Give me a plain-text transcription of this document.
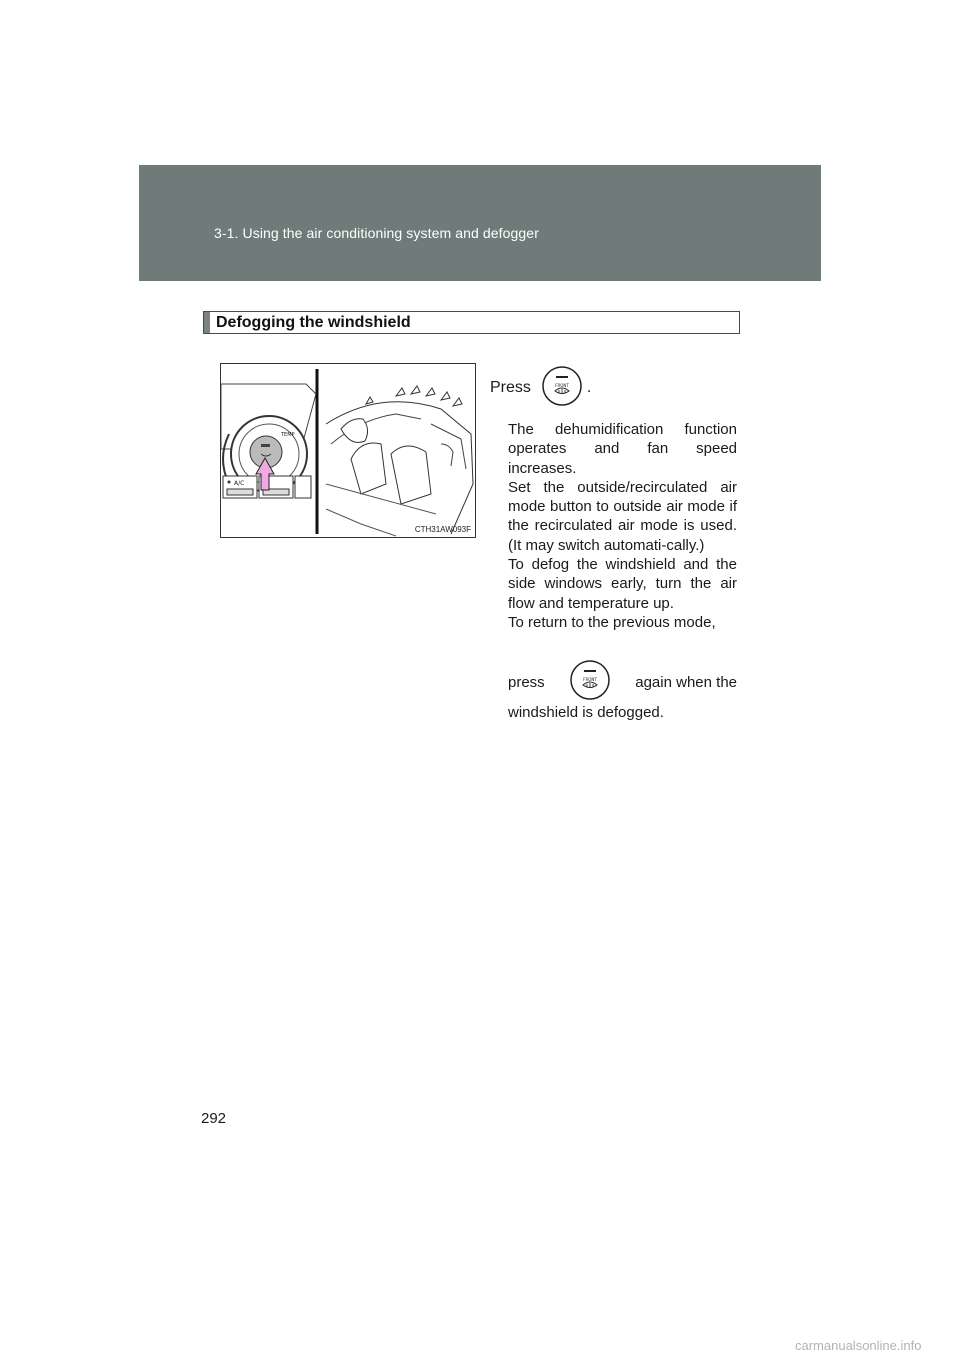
3-1. Using the air conditioning system and defogger
Defogging the windshield
TEMP
A/C
CTH31AW093F
Press	FRONT .

The dehumidification function operates and fan speed increases.

Set the outside/recirculated air mode button to outside air mode if the recirculated air mode is used. (It may switch automati-cally.)

To defog the windshield and the side windows early, turn the air flow and temperature up.

To return to the previous mode,

press	FRONT	again when the
windshield is defogged.
292
carmanualsonline.info
